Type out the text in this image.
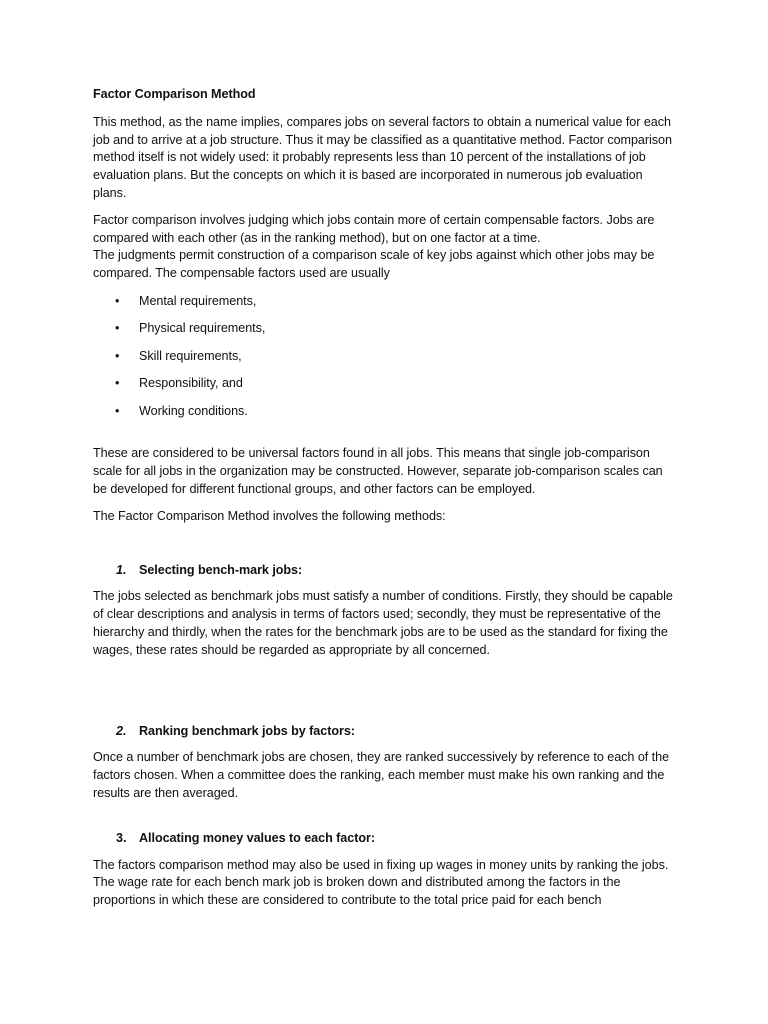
Factor Comparison Method

This method, as the name implies, compares jobs on several factors to obtain a numerical value for each job and to arrive at a job structure. Thus it may be classified as a quantitative method. Factor comparison method itself is not widely used: it probably represents less than 10 percent of the installations of job evaluation plans. But the concepts on which it is based are incorporated in numerous job evaluation plans.

Factor comparison involves judging which jobs contain more of certain compensable factors. Jobs are compared with each other (as in the ranking method), but on one factor at a time.

The judgments permit construction of a comparison scale of key jobs against which other jobs may be compared. The compensable factors used are usually

• Mental requirements,
• Physical requirements,
• Skill requirements,
• Responsibility, and
• Working conditions.

These are considered to be universal factors found in all jobs. This means that single job-comparison scale for all jobs in the organization may be constructed. However, separate job-comparison scales can be developed for different functional groups, and other factors can be employed.

The Factor Comparison Method involves the following methods:

1. Selecting bench-mark jobs:

The jobs selected as benchmark jobs must satisfy a number of conditions. Firstly, they should be capable of clear descriptions and analysis in terms of factors used; secondly, they must be representative of the hierarchy and thirdly, when the rates for the benchmark jobs are to be used as the standard for fixing the wages, these rates should be regarded as appropriate by all concerned.

2. Ranking benchmark jobs by factors:

Once a number of benchmark jobs are chosen, they are ranked successively by reference to each of the factors chosen. When a committee does the ranking, each member must make his own ranking and the results are then averaged.

3. Allocating money values to each factor:

The factors comparison method may also be used in fixing up wages in money units by ranking the jobs. The wage rate for each bench mark job is broken down and distributed among the factors in the proportions in which these are considered to contribute to the total price paid for each bench
